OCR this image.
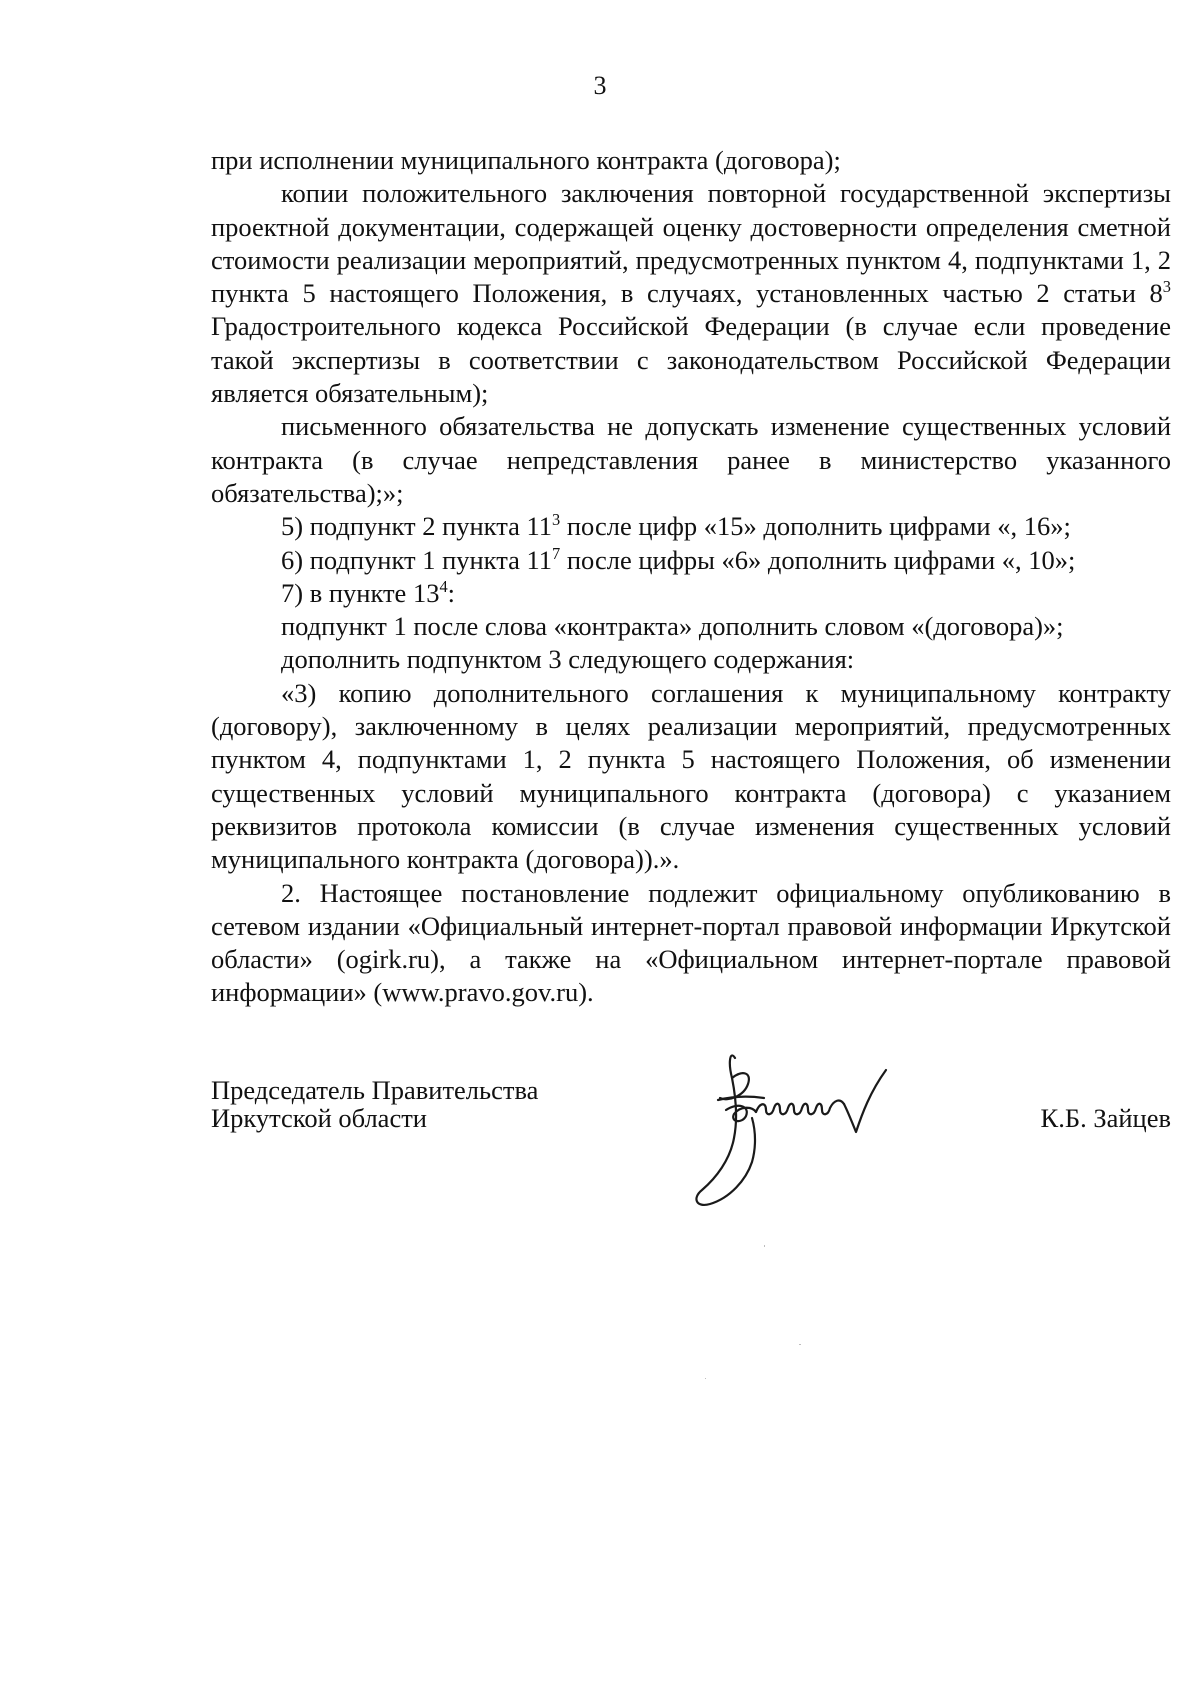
3

при исполнении муниципального контракта (договора);

копии положительного заключения повторной государственной экспертизы проектной документации, содержащей оценку достоверности определения сметной стоимости реализации мероприятий, предусмотренных пунктом 4, подпунктами 1, 2 пункта 5 настоящего Положения, в случаях, установленных частью 2 статьи $8^3$ Градостроительного кодекса Российской Федерации (в случае если проведение такой экспертизы в соответствии с законодательством Российской Федерации является обязательным);

письменного обязательства не допускать изменение существенных условий контракта (в случае непредставления ранее в министерство указанного обязательства);»;

5) подпункт 2 пункта $11^3$ после цифр «15» дополнить цифрами «, 16»;

6) подпункт 1 пункта $11^7$ после цифры «6» дополнить цифрами «, 10»;

7) в пункте $13^4$:

подпункт 1 после слова «контракта» дополнить словом «(договора)»;

дополнить подпунктом 3 следующего содержания:

«3) копию дополнительного соглашения к муниципальному контракту (договору), заключенному в целях реализации мероприятий, предусмотренных пунктом 4, подпунктами 1, 2 пункта 5 настоящего Положения, об изменении существенных условий муниципального контракта (договора) с указанием реквизитов протокола комиссии (в случае изменения существенных условий муниципального контракта (договора)).».

2. Настоящее постановление подлежит официальному опубликованию в сетевом издании «Официальный интернет-портал правовой информации Иркутской области» (ogirk.ru), а также на «Официальном интернет-портале правовой информации» (www.pravo.gov.ru).

Председатель Правительства
Иркутской области	К.Б. Зайцев
